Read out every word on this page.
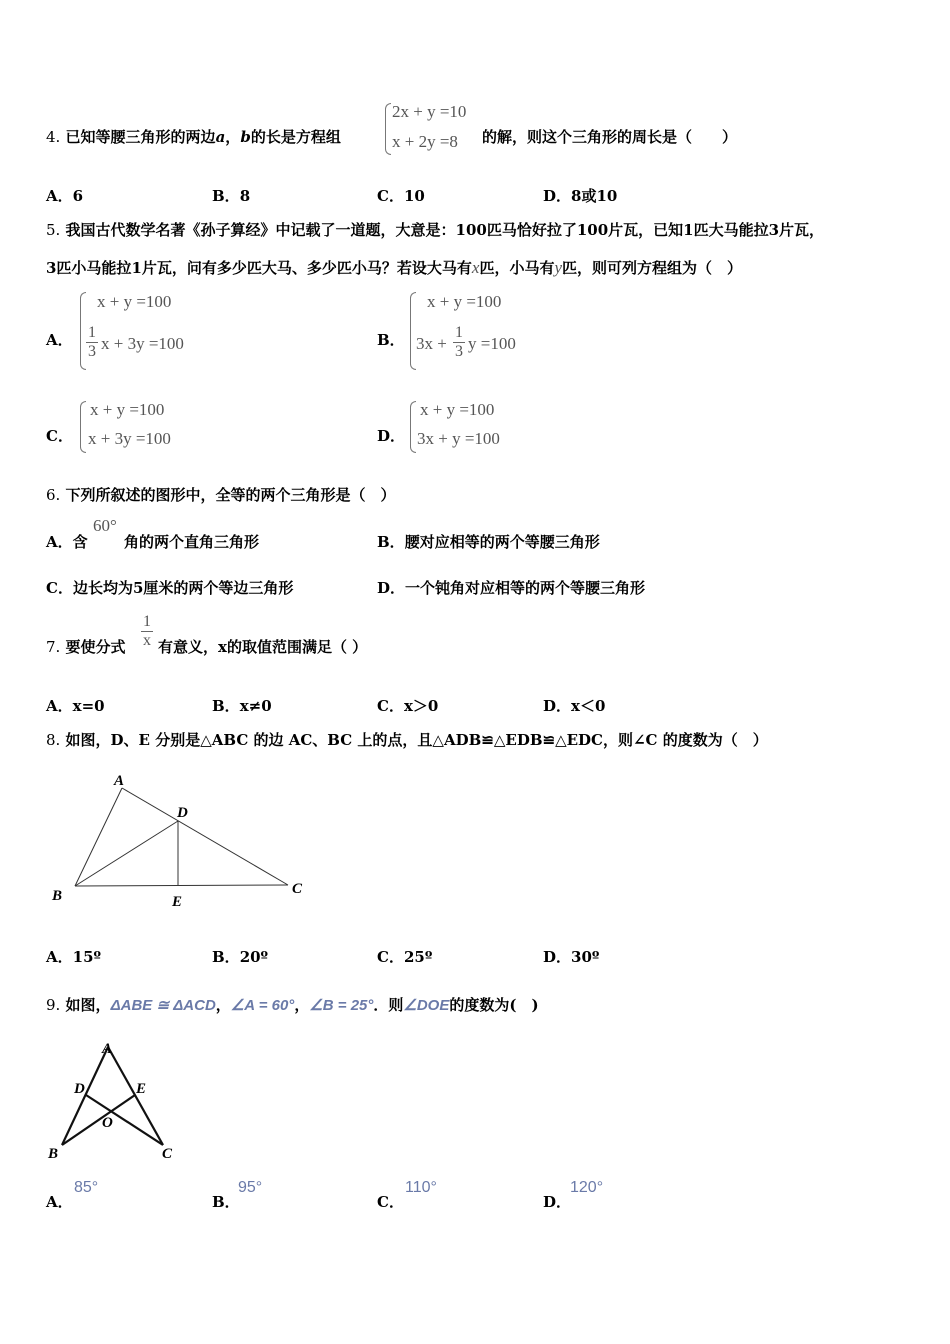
4. 已知等腰三角形的两边a，b的长是方程组
2x + y =10
x + 2y =8 的解，则这个三角形的周长是（　　）
A．6	B．8	C．10	D．8或10
5. 我国古代数学名著《孙子算经》中记载了一道题，大意是：100匹马恰好拉了100片瓦，已知1匹大马能拉3片瓦，
3匹小马能拉1片瓦，问有多少匹大马、多少匹小马？若设大马有x匹，小马有y匹，则可列方程组为（　）
A．
x + y =100
1
3 x + 3y =100	B．
x + y =100
3x +
1
3 y =100
C．
x + y =100
x + 3y =100	D．
x + y =100
3x + y =100
6. 下列所叙述的图形中，全等的两个三角形是（　）
A．含
60°
角的两个直角三角形	B．腰对应相等的两个等腰三角形
C．边长均为5厘米的两个等边三角形	D．一个钝角对应相等的两个等腰三角形
7. 要使分式
1
x 有意义，x的取值范围满足（ ）
A．x=0	B．x≠0	C．x＞0	D．x＜0
8. 如图，D、E 分别是△ABC 的边 AC、BC 上的点，且△ADB≌△EDB≌△EDC，则∠C 的度数为（　）
A
B	C
D
E
A．15º	B．20º	C．25º	D．30º
9. 如图，ΔABE ≅ ΔACD，∠A = 60°，∠B = 25°．则∠DOE的度数为(　)
A
D	E
O
B	C
A．
85°
B．
95°
C．
110°
D．
120°
